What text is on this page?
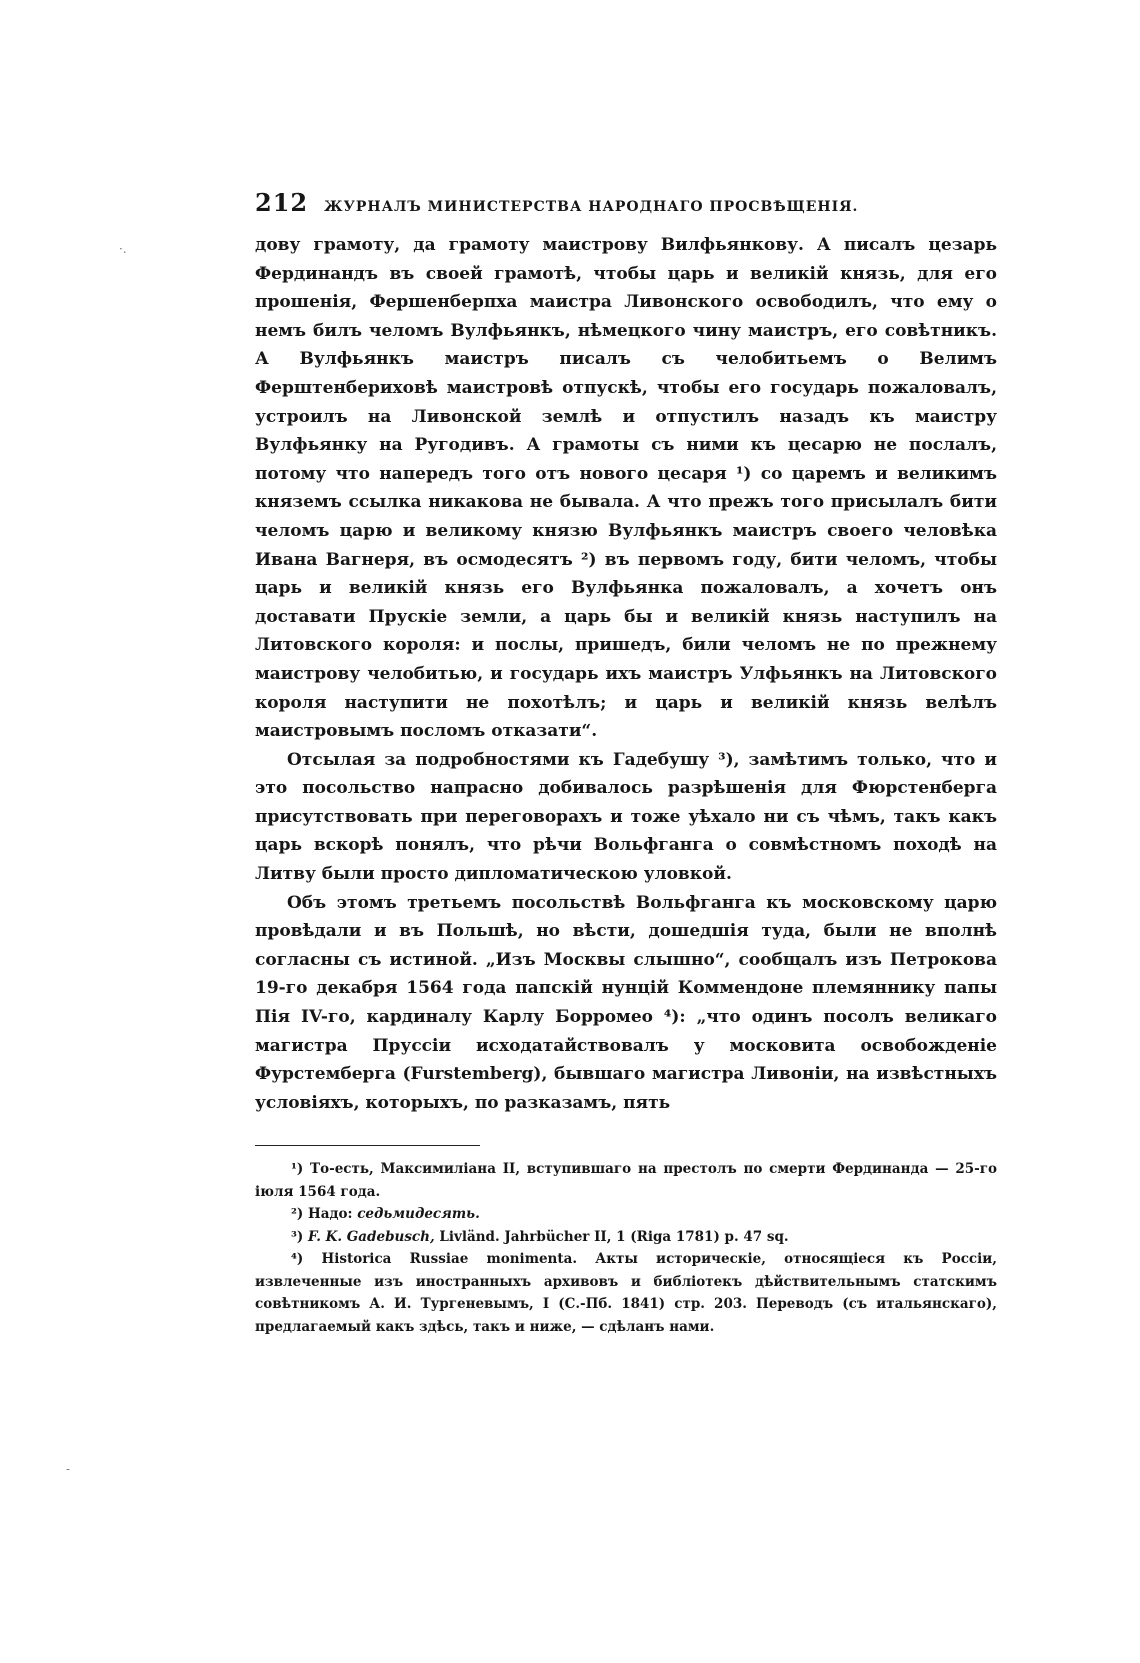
·.
-
212 ЖУРНАЛЪ МИНИСТЕРСТВА НАРОДНАГО ПРОСВѢЩЕНІЯ.

дову грамоту, да грамоту маистрову Вилфьянкову. А писалъ цезарь Фердинандъ въ своей грамотѣ, чтобы царь и великій князь, для его прошенія, Фершенберпха маистра Ливонского освободилъ, что ему о немъ билъ челомъ Вулфьянкъ, нѣмецкого чину маистръ, его совѣтникъ. А Вулфьянкъ маистръ писалъ съ челобитьемъ о Велимъ Ферштенбериховѣ маистровѣ отпускѣ, чтобы его государь пожаловалъ, устроилъ на Ливонской землѣ и отпустилъ назадъ къ маистру Вулфьянку на Ругодивъ. А грамоты съ ними къ цесарю не послалъ, потому что напередъ того отъ нового цесаря ¹) со царемъ и великимъ княземъ ссылка никакова не бывала. А что прежъ того присылалъ бити челомъ царю и великому князю Вулфьянкъ маистръ своего человѣка Ивана Вагнеря, въ осмодесятъ ²) въ первомъ году, бити челомъ, чтобы царь и великій князь его Вулфьянка пожаловалъ, а хочетъ онъ доставати Прускіе земли, а царь бы и великій князь наступилъ на Литовского короля: и послы, пришедъ, били челомъ не по прежнему маистрову челобитью, и государь ихъ маистръ Улфьянкъ на Литовского короля наступити не похотѣлъ; и царь и великій князь велѣлъ маистровымъ посломъ отказати“.

Отсылая за подробностями къ Гадебушу ³), замѣтимъ только, что и это посольство напрасно добивалось разрѣшенія для Фюрстенберга присутствовать при переговорахъ и тоже уѣхало ни съ чѣмъ, такъ какъ царь вскорѣ понялъ, что рѣчи Вольфганга о совмѣстномъ походѣ на Литву были просто дипломатическою уловкой.

Объ этомъ третьемъ посольствѣ Вольфганга къ московскому царю провѣдали и въ Польшѣ, но вѣсти, дошедшія туда, были не вполнѣ согласны съ истиной. „Изъ Москвы слышно“, сообщалъ изъ Петрокова 19-го декабря 1564 года папскій нунцій Коммендоне племяннику папы Пія IV-го, кардиналу Карлу Борромео ⁴): „что одинъ посолъ великаго магистра Пруссіи исходатайствовалъ у московита освобожденіе Фурстемберга (Furstemberg), бывшаго магистра Ливоніи, на извѣстныхъ условіяхъ, которыхъ, по разказамъ, пять

¹) То-есть, Максимиліана II, вступившаго на престолъ по смерти Фердинанда — 25-го іюля 1564 года.

²) Надо: седьмидесять.

³) F. K. Gadebusch, Livländ. Jahrbücher II, 1 (Riga 1781) p. 47 sq.

⁴) Historica Russiae monimenta. Акты историческіе, относящіеся къ Россіи, извлеченные изъ иностранныхъ архивовъ и библіотекъ дѣйствительнымъ статскимъ совѣтникомъ А. И. Тургеневымъ, I (С.-Пб. 1841) стр. 203. Переводъ (съ итальянскаго), предлагаемый какъ здѣсь, такъ и ниже, — сдѣланъ нами.
